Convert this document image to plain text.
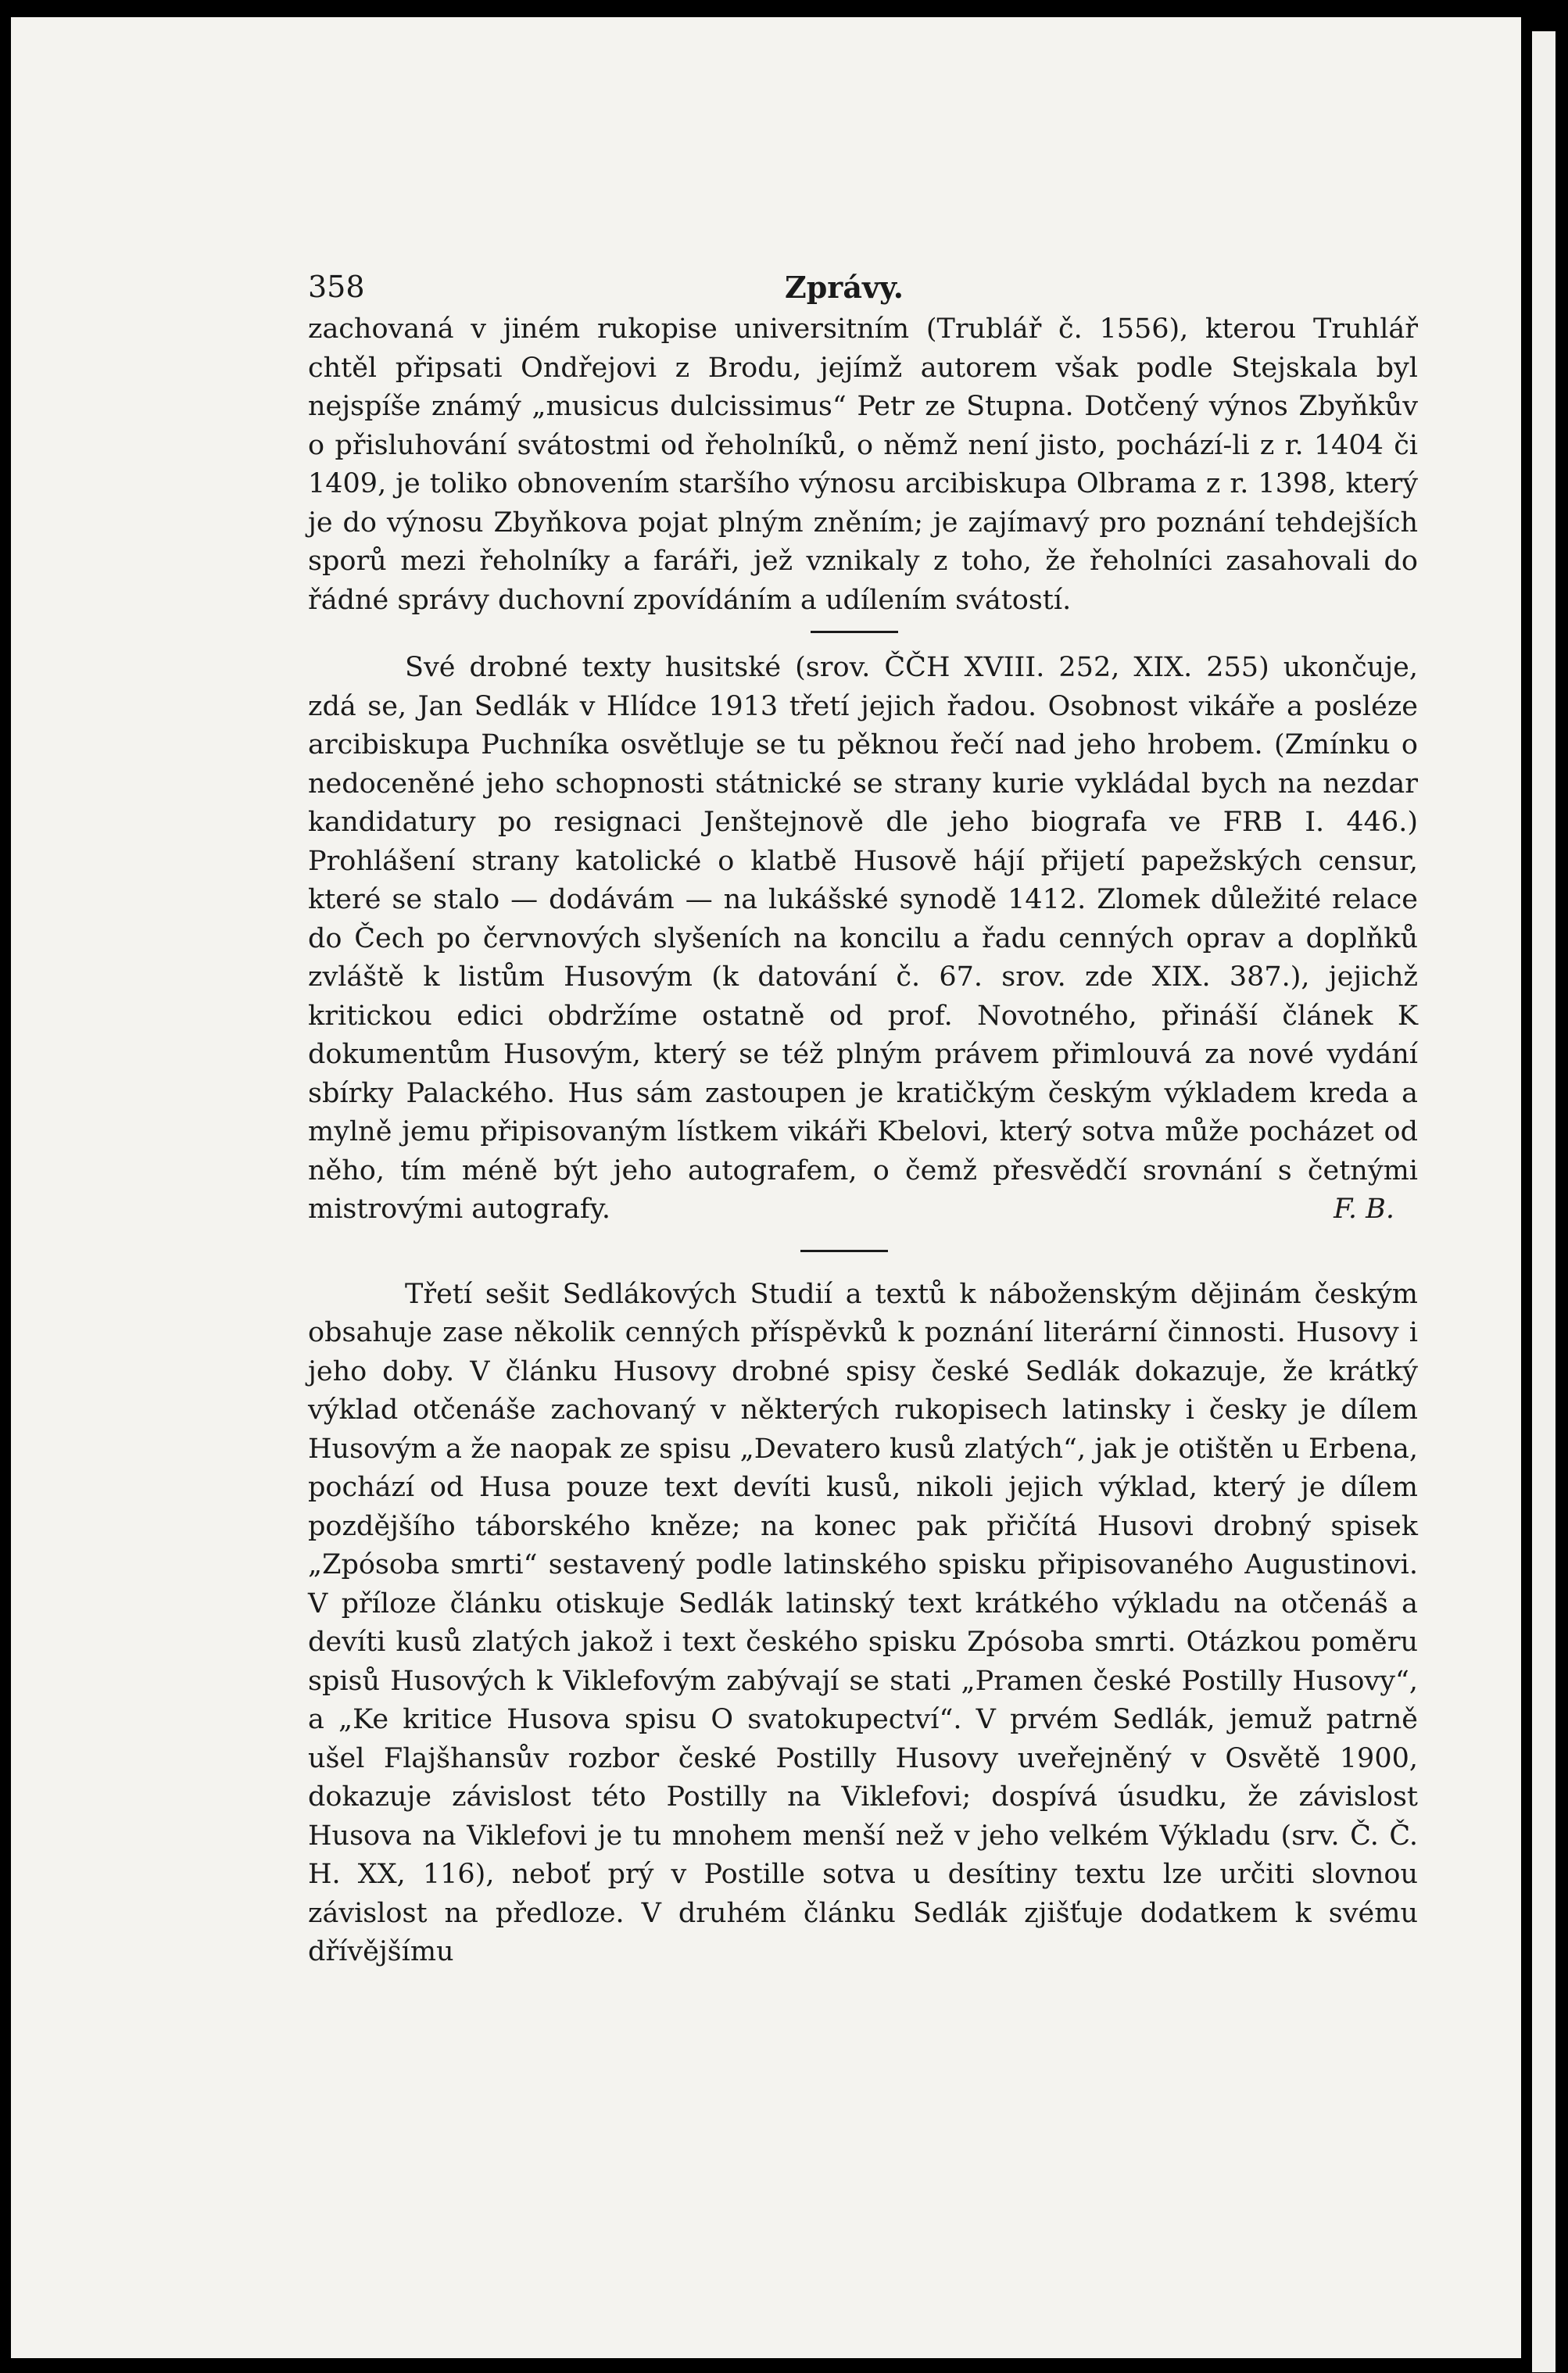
358	Zprávy.

zachovaná v jiném rukopise universitním (Trublář č. 1556), kterou Truhlář chtěl připsati Ondřejovi z Brodu, jejímž autorem však podle Stejskala byl nejspíše známý „musicus dulcissimus“ Petr ze Stupna. Dotčený výnos Zbyňkův o přisluhování svátostmi od řeholníků, o němž není jisto, pochází-li z r. 1404 či 1409, je toliko obnovením staršího výnosu arcibiskupa Olbrama z r. 1398, který je do výnosu Zbyňkova pojat plným zněním; je zajímavý pro poznání tehdejších sporů mezi řeholníky a faráři, jež vznikaly z toho, že řeholníci zasahovali do řádné správy duchovní zpovídáním a udílením svátostí.

Své drobné texty husitské (srov. ČČH XVIII. 252, XIX. 255) ukončuje, zdá se, Jan Sedlák v Hlídce 1913 třetí jejich řadou. Osobnost vikáře a posléze arcibiskupa Puchníka osvětluje se tu pěknou řečí nad jeho hrobem. (Zmínku o nedoceněné jeho schopnosti státnické se strany kurie vykládal bych na nezdar kandidatury po resignaci Jenštejnově dle jeho biografa ve FRB I. 446.) Prohlášení strany katolické o klatbě Husově hájí přijetí papežských censur, které se stalo — dodávám — na lukášské synodě 1412. Zlomek důležité relace do Čech po červnových slyšeních na koncilu a řadu cenných oprav a doplňků zvláště k listům Husovým (k datování č. 67. srov. zde XIX. 387.), jejichž kritickou edici obdržíme ostatně od prof. Novotného, přináší článek K dokumentům Husovým, který se též plným právem přimlouvá za nové vydání sbírky Palackého. Hus sám zastoupen je kratičkým českým výkladem kreda a mylně jemu připisovaným lístkem vikáři Kbelovi, který sotva může pocházet od něho, tím méně být jeho autografem, o čemž přesvědčí srovnání s četnými mistrovými autografy.	F. B.

Třetí sešit Sedlákových Studií a textů k náboženským dějinám českým obsahuje zase několik cenných příspěvků k poznání literární činnosti. Husovy i jeho doby. V článku Husovy drobné spisy české Sedlák dokazuje, že krátký výklad otčenáše zachovaný v některých rukopisech latinsky i česky je dílem Husovým a že naopak ze spisu „Devatero kusů zlatých“, jak je otištěn u Erbena, pochází od Husa pouze text devíti kusů, nikoli jejich výklad, který je dílem pozdějšího táborského kněze; na konec pak přičítá Husovi drobný spisek „Zpósoba smrti“ sestavený podle latinského spisku připisovaného Augustinovi. V příloze článku otiskuje Sedlák latinský text krátkého výkladu na otčenáš a devíti kusů zlatých jakož i text českého spisku Zpósoba smrti. Otázkou poměru spisů Husových k Viklefovým zabývají se stati „Pramen české Postilly Husovy“, a „Ke kritice Husova spisu O svatokupectví“. V prvém Sedlák, jemuž patrně ušel Flajšhansův rozbor české Postilly Husovy uveřejněný v Osvětě 1900, dokazuje závislost této Postilly na Viklefovi; dospívá úsudku, že závislost Husova na Viklefovi je tu mnohem menší než v jeho velkém Výkladu (srv. Č. Č. H. XX, 116), neboť prý v Postille sotva u desítiny textu lze určiti slovnou závislost na předloze. V druhém článku Sedlák zjišťuje dodatkem k svému dřívějšímu
